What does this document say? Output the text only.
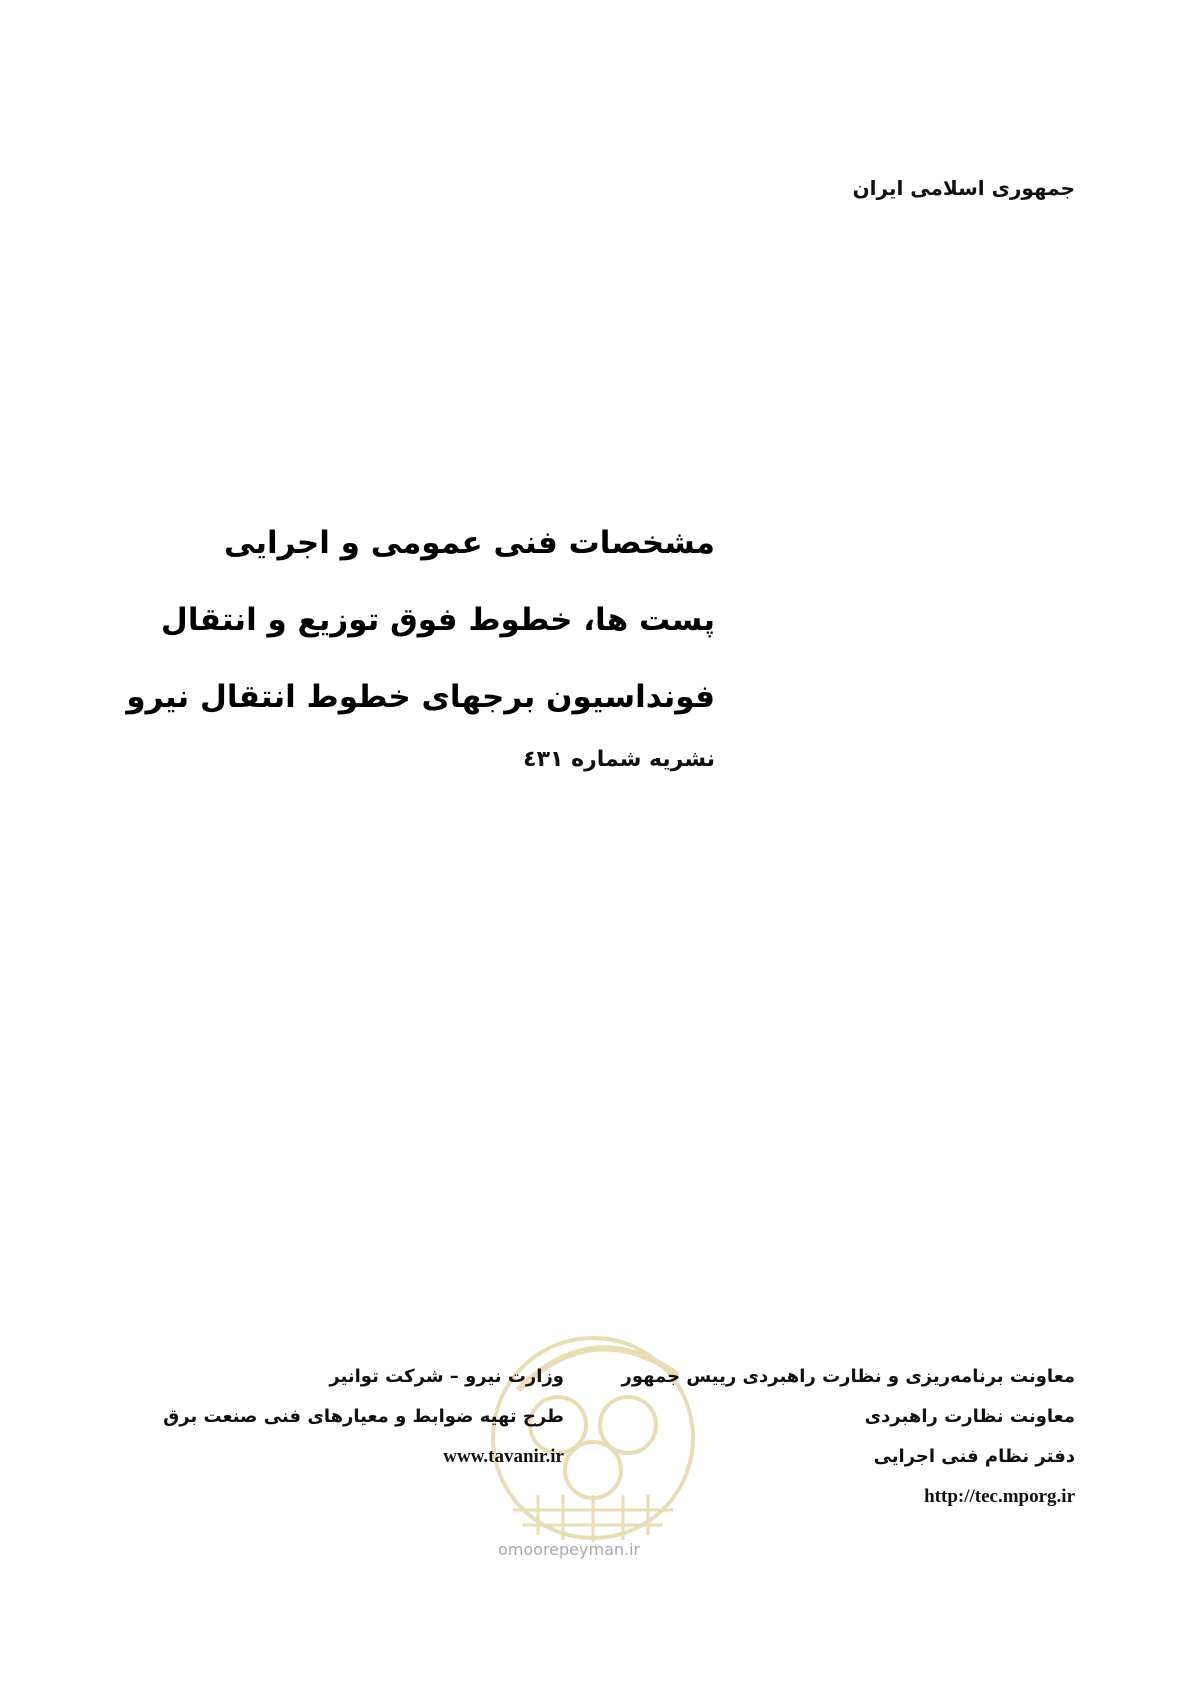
جمهوری اسلامی ایران
مشخصات فنی عمومی و اجرایی
پست ها، خطوط فوق توزیع و انتقال
فونداسیون برجهای خطوط انتقال نیرو
نشریه شماره ٤٣١
omoorepeyman.ir
معاونت برنامه‌ریزی و نظارت راهبردی رییس جمهور
معاونت نظارت راهبردی
دفتر نظام فنی اجرایی
http://tec.mporg.ir
وزارت نیرو – شرکت توانیر
طرح تهیه ضوابط و معیارهای فنی صنعت برق
www.tavanir.ir
